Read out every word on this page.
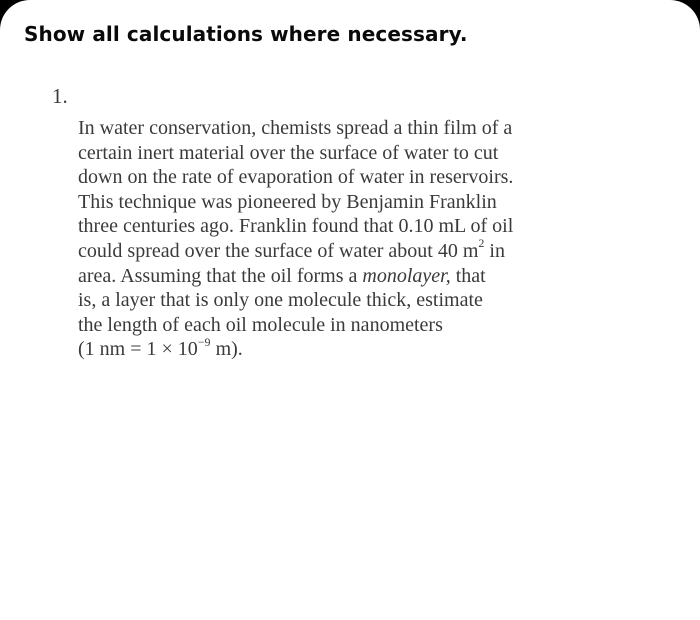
Show all calculations where necessary.
1.
In water conservation, chemists spread a thin film of a
certain inert material over the surface of water to cut
down on the rate of evaporation of water in reservoirs.
This technique was pioneered by Benjamin Franklin
three centuries ago. Franklin found that 0.10 mL of oil
could spread over the surface of water about 40 $m^2$ in
area. Assuming that the oil forms a monolayer, that
is, a layer that is only one molecule thick, estimate
the length of each oil molecule in nanometers
(1 nm = $1 \times 10^{-9}$ m).
